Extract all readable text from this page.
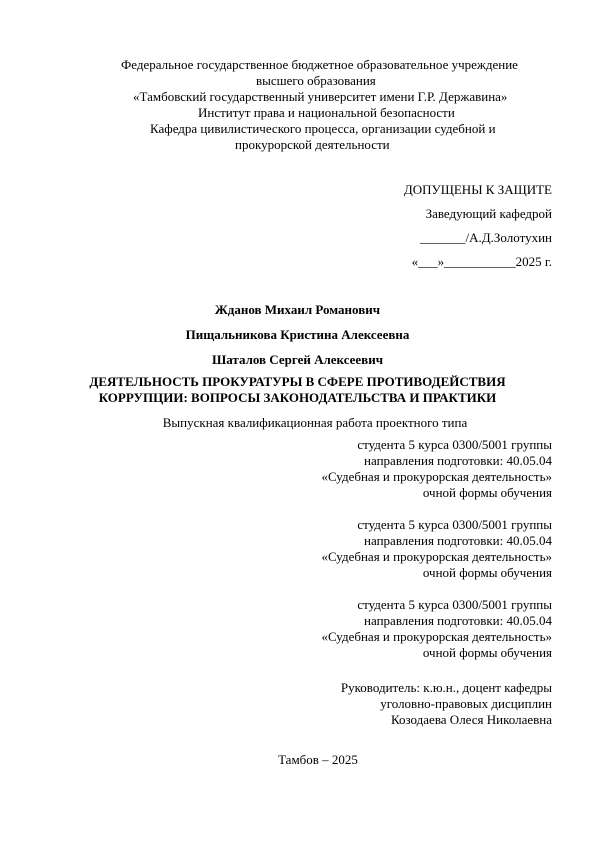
Федеральное государственное бюджетное образовательное учреждение
высшего образования
«Тамбовский государственный университет имени Г.Р. Державина»
Институт права и национальной безопасности
Кафедра цивилистического процесса, организации судебной и
прокурорской деятельности
ДОПУЩЕНЫ К ЗАЩИТЕ
Заведующий кафедрой
_______/А.Д.Золотухин
«___»___________2025 г.
Жданов Михаил Романович
Пищальникова Кристина Алексеевна
Шаталов Сергей Алексеевич
ДЕЯТЕЛЬНОСТЬ ПРОКУРАТУРЫ В СФЕРЕ ПРОТИВОДЕЙСТВИЯ
КОРРУПЦИИ: ВОПРОСЫ ЗАКОНОДАТЕЛЬСТВА И ПРАКТИКИ
Выпускная квалификационная работа проектного типа
студента 5 курса 0300/5001 группы
направления подготовки: 40.05.04
«Судебная и прокурорская деятельность»
очной формы обучения
студента 5 курса 0300/5001 группы
направления подготовки: 40.05.04
«Судебная и прокурорская деятельность»
очной формы обучения
студента 5 курса 0300/5001 группы
направления подготовки: 40.05.04
«Судебная и прокурорская деятельность»
очной формы обучения
Руководитель: к.ю.н., доцент кафедры
уголовно-правовых дисциплин
Козодаева Олеся Николаевна
Тамбов – 2025
